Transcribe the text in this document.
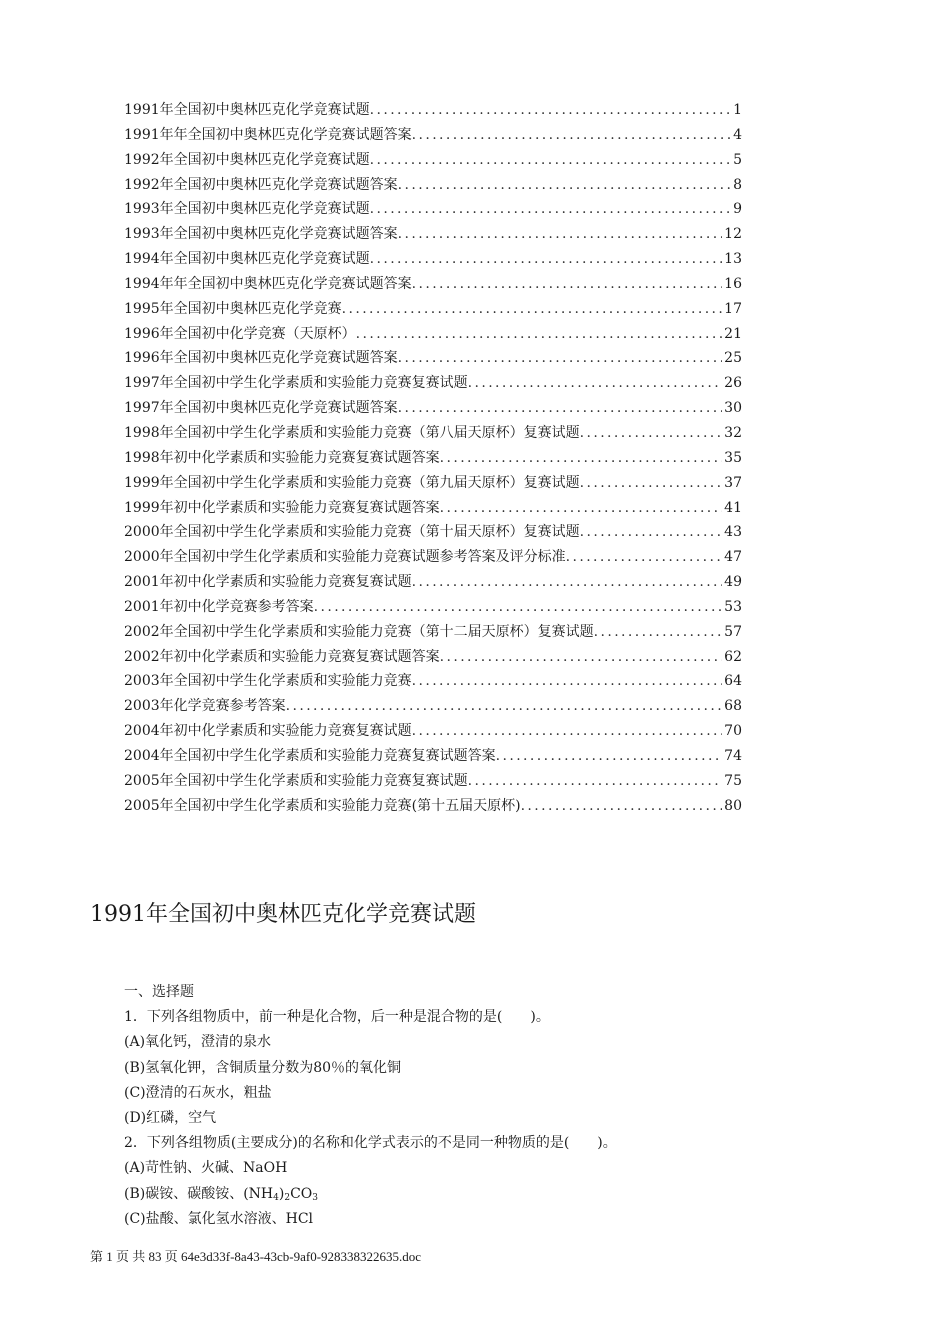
1991年全国初中奥林匹克化学竞赛试题 .....	1
1991年年全国初中奥林匹克化学竞赛试题答案 .....	4
1992年全国初中奥林匹克化学竞赛试题 .....	5
1992年全国初中奥林匹克化学竞赛试题答案 .....	8
1993年全国初中奥林匹克化学竞赛试题 .....	9
1993年全国初中奥林匹克化学竞赛试题答案 .....	12
1994年全国初中奥林匹克化学竞赛试题 .....	13
1994年年全国初中奥林匹克化学竞赛试题答案 .....	16
1995年全国初中奥林匹克化学竞赛 .....	17
1996年全国初中化学竞赛（天原杯） .....	21
1996年全国初中奥林匹克化学竞赛试题答案 .....	25
1997年全国初中学生化学素质和实验能力竞赛复赛试题 .....	26
1997年全国初中奥林匹克化学竞赛试题答案 .....	30
1998年全国初中学生化学素质和实验能力竞赛（第八届天原杯）复赛试题 .....	32
1998年初中化学素质和实验能力竞赛复赛试题答案 .....	35
1999年全国初中学生化学素质和实验能力竞赛（第九届天原杯）复赛试题 .....	37
1999年初中化学素质和实验能力竞赛复赛试题答案 .....	41
2000年全国初中学生化学素质和实验能力竞赛（第十届天原杯）复赛试题 .....	43
2000年全国初中学生化学素质和实验能力竞赛试题参考答案及评分标准 .....	47
2001年初中化学素质和实验能力竞赛复赛试题 .....	49
2001年初中化学竞赛参考答案 .....	53
2002年全国初中学生化学素质和实验能力竞赛（第十二届天原杯）复赛试题 .....	57
2002年初中化学素质和实验能力竞赛复赛试题答案 .....	62
2003年全国初中学生化学素质和实验能力竞赛 .....	64
2003年化学竞赛参考答案 .....	68
2004年初中化学素质和实验能力竞赛复赛试题 .....	70
2004年全国初中学生化学素质和实验能力竞赛复赛试题答案 .....	74
2005年全国初中学生化学素质和实验能力竞赛复赛试题 .....	75
2005年全国初中学生化学素质和实验能力竞赛(第十五届天原杯) .....	80
1991年全国初中奥林匹克化学竞赛试题
一、选择题
1．下列各组物质中，前一种是化合物，后一种是混合物的是(　　)。
(A)氧化钙，澄清的泉水
(B)氢氧化钾，含铜质量分数为80％的氧化铜
(C)澄清的石灰水，粗盐
(D)红磷，空气
2．下列各组物质(主要成分)的名称和化学式表示的不是同一种物质的是(　　)。
(A)苛性钠、火碱、NaOH
(B)碳铵、碳酸铵、$(NH_4)_2CO_3$
(C)盐酸、氯化氢水溶液、HCl
第 1 页 共 83 页 64e3d33f-8a43-43cb-9af0-928338322635.doc
